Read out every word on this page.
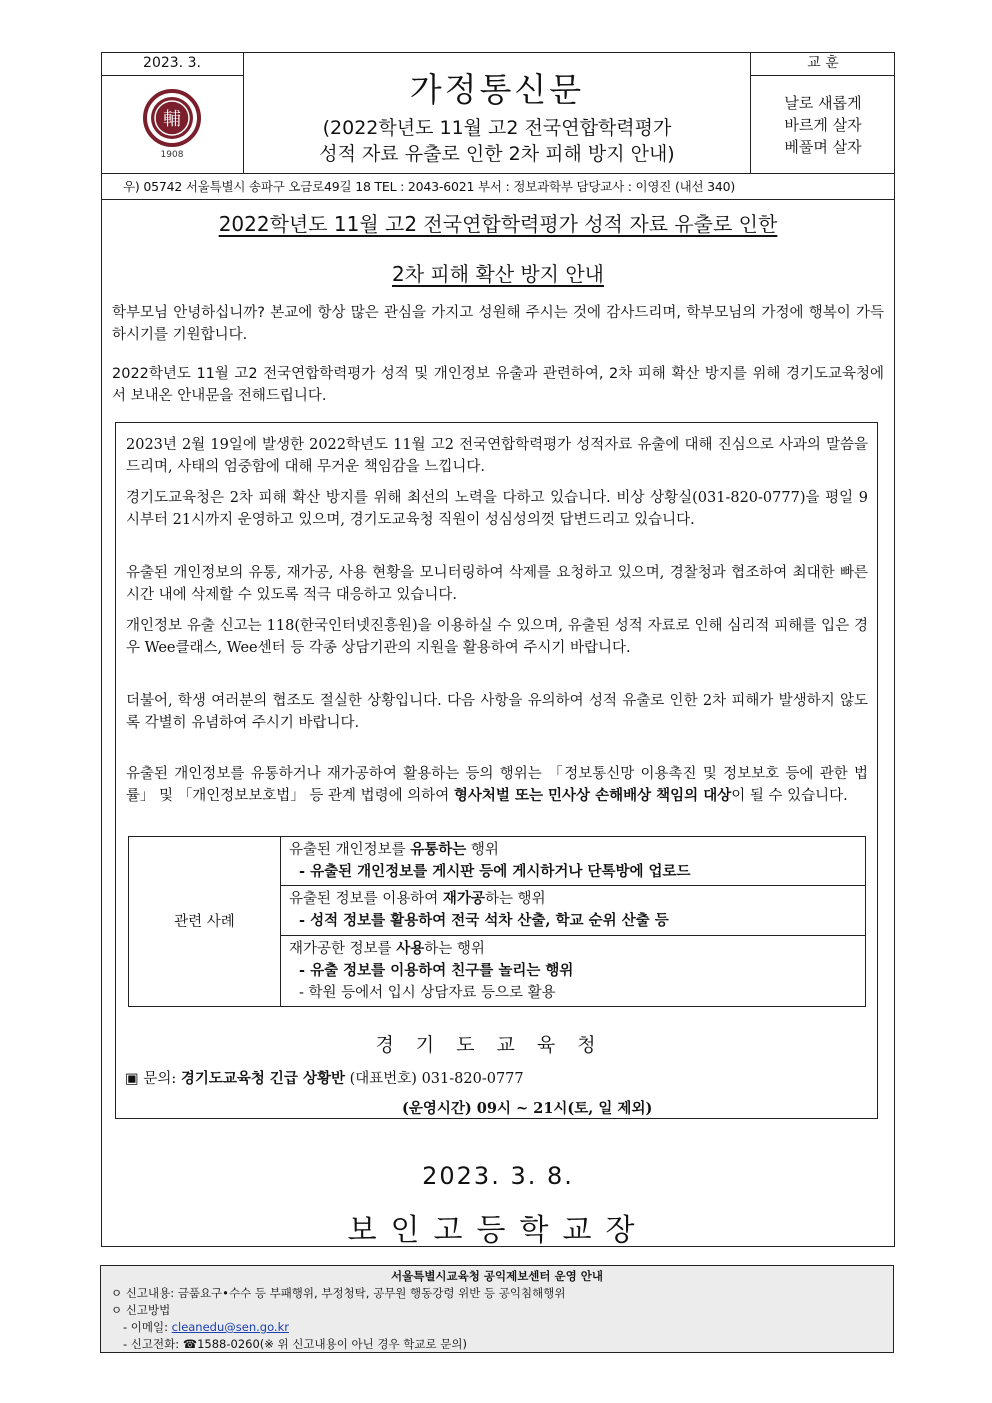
2023. 3.
輔
1908
가정통신문
(2022학년도 11월 고2 전국연합학력평가
성적 자료 유출로 인한 2차 피해 방지 안내)
교 훈
날로 새롭게
바르게 살자
베풀며 살자
우) 05742 서울특별시 송파구 오금로49길 18 TEL : 2043-6021 부서 : 정보과학부 담당교사 : 이영진 (내선 340)
2022학년도 11월 고2 전국연합학력평가 성적 자료 유출로 인한
2차 피해 확산 방지 안내
학부모님 안녕하십니까? 본교에 항상 많은 관심을 가지고 성원해 주시는 것에 감사드리며, 학부모님의 가정에 행복이 가득하시기를 기원합니다.
2022학년도 11월 고2 전국연합학력평가 성적 및 개인정보 유출과 관련하여, 2차 피해 확산 방지를 위해 경기도교육청에서 보내온 안내문을 전해드립니다.
2023년 2월 19일에 발생한 2022학년도 11월 고2 전국연합학력평가 성적자료 유출에 대해 진심으로 사과의 말씀을 드리며, 사태의 엄중함에 대해 무거운 책임감을 느낍니다.
경기도교육청은 2차 피해 확산 방지를 위해 최선의 노력을 다하고 있습니다. 비상 상황실(031-820-0777)을 평일 9시부터 21시까지 운영하고 있으며, 경기도교육청 직원이 성심성의껏 답변드리고 있습니다.
유출된 개인정보의 유통, 재가공, 사용 현황을 모니터링하여 삭제를 요청하고 있으며, 경찰청과 협조하여 최대한 빠른 시간 내에 삭제할 수 있도록 적극 대응하고 있습니다.
개인정보 유출 신고는 118(한국인터넷진흥원)을 이용하실 수 있으며, 유출된 성적 자료로 인해 심리적 피해를 입은 경우 Wee클래스, Wee센터 등 각종 상담기관의 지원을 활용하여 주시기 바랍니다.
더불어, 학생 여러분의 협조도 절실한 상황입니다. 다음 사항을 유의하여 성적 유출로 인한 2차 피해가 발생하지 않도록 각별히 유념하여 주시기 바랍니다.
유출된 개인정보를 유통하거나 재가공하여 활용하는 등의 행위는 「정보통신망 이용촉진 및 정보보호 등에 관한 법률」 및 「개인정보보호법」 등 관계 법령에 의하여 형사처벌 또는 민사상 손해배상 책임의 대상이 될 수 있습니다.
관련 사례	
유출된 개인정보를 유통하는 행위
- 유출된 개인정보를 게시판 등에 게시하거나 단톡방에 업로드

유출된 정보를 이용하여 재가공하는 행위
- 성적 정보를 활용하여 전국 석차 산출, 학교 순위 산출 등

재가공한 정보를 사용하는 행위
- 유출 정보를 이용하여 친구를 놀리는 행위
- 학원 등에서 입시 상담자료 등으로 활용
경기도교육청
▣ 문의: 경기도교육청 긴급 상황반 (대표번호) 031-820-0777
(운영시간) 09시 ~ 21시(토, 일 제외)
2023. 3. 8.
보인고등학교장
서울특별시교육청 공익제보센터 운영 안내
ㅇ 신고내용: 금품요구•수수 등 부패행위, 부정청탁, 공무원 행동강령 위반 등 공익침해행위
ㅇ 신고방법
- 이메일: cleanedu@sen.go.kr
- 신고전화: ☎1588-0260(※ 위 신고내용이 아닌 경우 학교로 문의)
